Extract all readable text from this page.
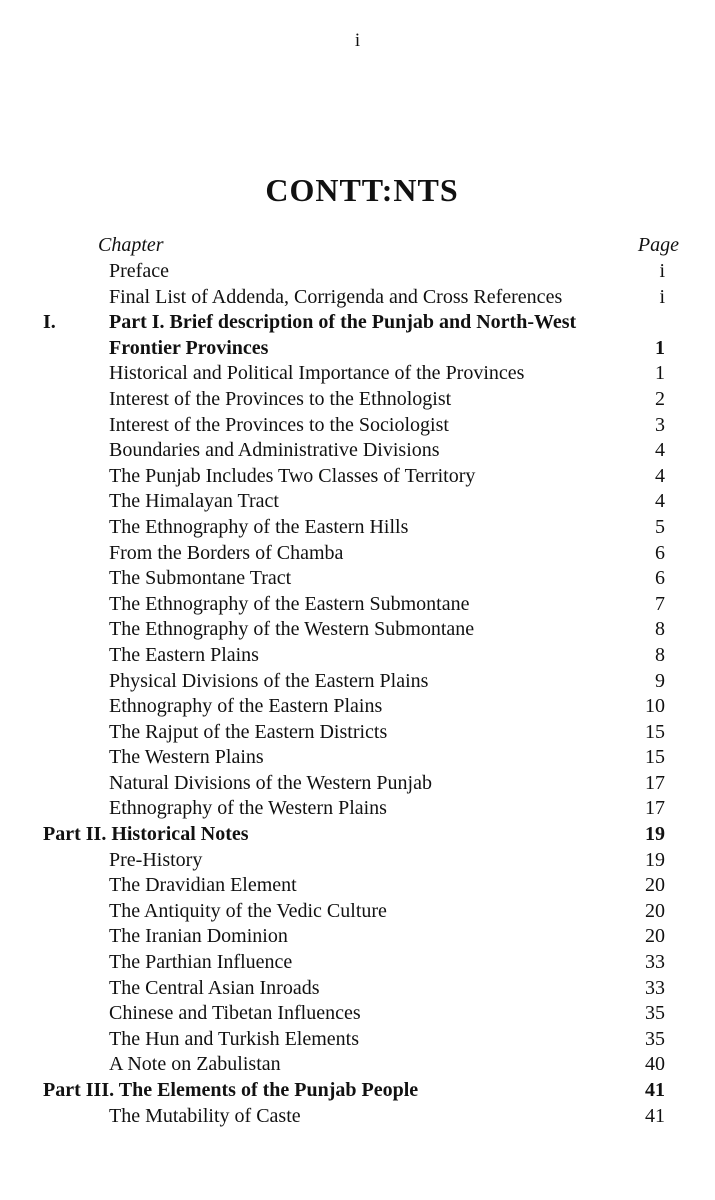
i
CONTT:NTS
Chapter	Page
Preface	i
Final List of Addenda, Corrigenda and Cross References	i
I.	Part I. Brief description of the Punjab and North-West
Frontier Provinces	1
Historical and Political Importance of the Provinces	1
Interest of the Provinces to the Ethnologist	2
Interest of the Provinces to the Sociologist	3
Boundaries and Administrative Divisions	4
The Punjab Includes Two Classes of Territory	4
The Himalayan Tract	4
The Ethnography of the Eastern Hills	5
From the Borders of Chamba	6
The Submontane Tract	6
The Ethnography of the Eastern Submontane	7
The Ethnography of the Western Submontane	8
The Eastern Plains	8
Physical Divisions of the Eastern Plains	9
Ethnography of the Eastern Plains	10
The Rajput of the Eastern Districts	15
The Western Plains	15
Natural Divisions of the Western Punjab	17
Ethnography of the Western Plains	17
Part II. Historical Notes	19
Pre-History	19
The Dravidian Element	20
The Antiquity of the Vedic Culture	20
The Iranian Dominion	20
The Parthian Influence	33
The Central Asian Inroads	33
Chinese and Tibetan Influences	35
The Hun and Turkish Elements	35
A Note on Zabulistan	40
Part III. The Elements of the Punjab People	41
The Mutability of Caste	41
